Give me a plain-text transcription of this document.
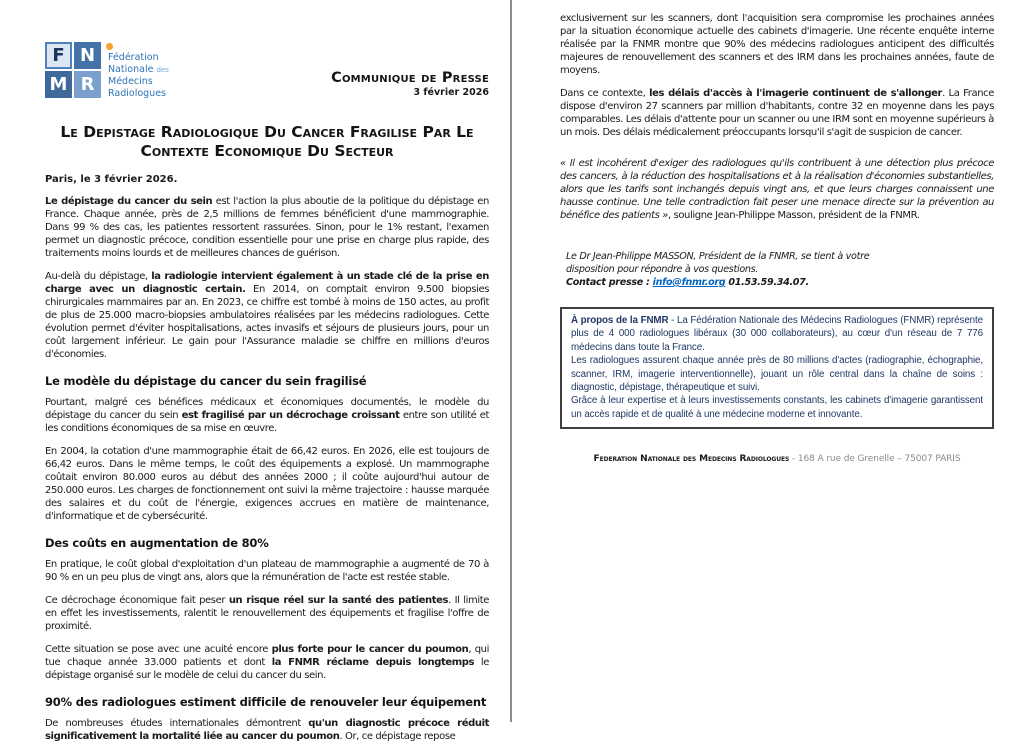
F N
M R
Fédération
Nationale des
Médecins
Radiologues
Communique de Presse
3 février 2026
Le Depistage Radiologique Du Cancer Fragilise Par Le Contexte Economique Du Secteur

Paris, le 3 février 2026.

Le dépistage du cancer du sein est l'action la plus aboutie de la politique du dépistage en France. Chaque année, près de 2,5 millions de femmes bénéficient d'une mammographie. Dans 99 % des cas, les patientes ressortent rassurées. Sinon, pour le 1% restant, l'examen permet un diagnostic précoce, condition essentielle pour une prise en charge plus rapide, des traitements moins lourds et de meilleures chances de guérison.

Au-delà du dépistage, la radiologie intervient également à un stade clé de la prise en charge avec un diagnostic certain. En 2014, on comptait environ 9.500 biopsies chirurgicales mammaires par an. En 2023, ce chiffre est tombé à moins de 150 actes, au profit de plus de 25.000 macro-biopsies ambulatoires réalisées par les médecins radiologues. Cette évolution permet d'éviter hospitalisations, actes invasifs et séjours de plusieurs jours, pour un coût largement inférieur. Le gain pour l'Assurance maladie se chiffre en millions d'euros d'économies.

Le modèle du dépistage du cancer du sein fragilisé

Pourtant, malgré ces bénéfices médicaux et économiques documentés, le modèle du dépistage du cancer du sein est fragilisé par un décrochage croissant entre son utilité et les conditions économiques de sa mise en œuvre.

En 2004, la cotation d'une mammographie était de 66,42 euros. En 2026, elle est toujours de 66,42 euros. Dans le même temps, le coût des équipements a explosé. Un mammographe coûtait environ 80.000 euros au début des années 2000 ; il coûte aujourd'hui autour de 250.000 euros. Les charges de fonctionnement ont suivi la même trajectoire : hausse marquée des salaires et du coût de l'énergie, exigences accrues en matière de maintenance, d'informatique et de cybersécurité.

Des coûts en augmentation de 80%

En pratique, le coût global d'exploitation d'un plateau de mammographie a augmenté de 70 à 90 % en un peu plus de vingt ans, alors que la rémunération de l'acte est restée stable.

Ce décrochage économique fait peser un risque réel sur la santé des patientes. Il limite en effet les investissements, ralentit le renouvellement des équipements et fragilise l'offre de proximité.

Cette situation se pose avec une acuité encore plus forte pour le cancer du poumon, qui tue chaque année 33.000 patients et dont la FNMR réclame depuis longtemps le dépistage organisé sur le modèle de celui du cancer du sein.

90% des radiologues estiment difficile de renouveler leur équipement

De nombreuses études internationales démontrent qu'un diagnostic précoce réduit significativement la mortalité liée au cancer du poumon. Or, ce dépistage repose

exclusivement sur les scanners, dont l'acquisition sera compromise les prochaines années par la situation économique actuelle des cabinets d'imagerie. Une récente enquête interne réalisée par la FNMR montre que 90% des médecins radiologues anticipent des difficultés majeures de renouvellement des scanners et des IRM dans les prochaines années, faute de moyens.

Dans ce contexte, les délais d'accès à l'imagerie continuent de s'allonger. La France dispose d'environ 27 scanners par million d'habitants, contre 32 en moyenne dans les pays comparables. Les délais d'attente pour un scanner ou une IRM sont en moyenne supérieurs à un mois. Des délais médicalement préoccupants lorsqu'il s'agit de suspicion de cancer.

« Il est incohérent d'exiger des radiologues qu'ils contribuent à une détection plus précoce des cancers, à la réduction des hospitalisations et à la réalisation d'économies substantielles, alors que les tarifs sont inchangés depuis vingt ans, et que leurs charges connaissent une hausse continue. Une telle contradiction fait peser une menace directe sur la prévention au bénéfice des patients », souligne Jean-Philippe Masson, président de la FNMR.

Le Dr Jean-Philippe MASSON, Président de la FNMR, se tient à votre disposition pour répondre à vos questions.

Contact presse : info@fnmr.org 01.53.59.34.07.

À propos de la FNMR - La Fédération Nationale des Médecins Radiologues (FNMR) représente plus de 4 000 radiologues libéraux (30 000 collaborateurs), au cœur d'un réseau de 7 776 médecins dans toute la France.

Les radiologues assurent chaque année près de 80 millions d'actes (radiographie, échographie, scanner, IRM, imagerie interventionnelle), jouant un rôle central dans la chaîne de soins : diagnostic, dépistage, thérapeutique et suivi.

Grâce à leur expertise et à leurs investissements constants, les cabinets d'imagerie garantissent un accès rapide et de qualité à une médecine moderne et innovante.

Federation Nationale des Medecins Radiologues - 168 A rue de Grenelle – 75007 PARIS
